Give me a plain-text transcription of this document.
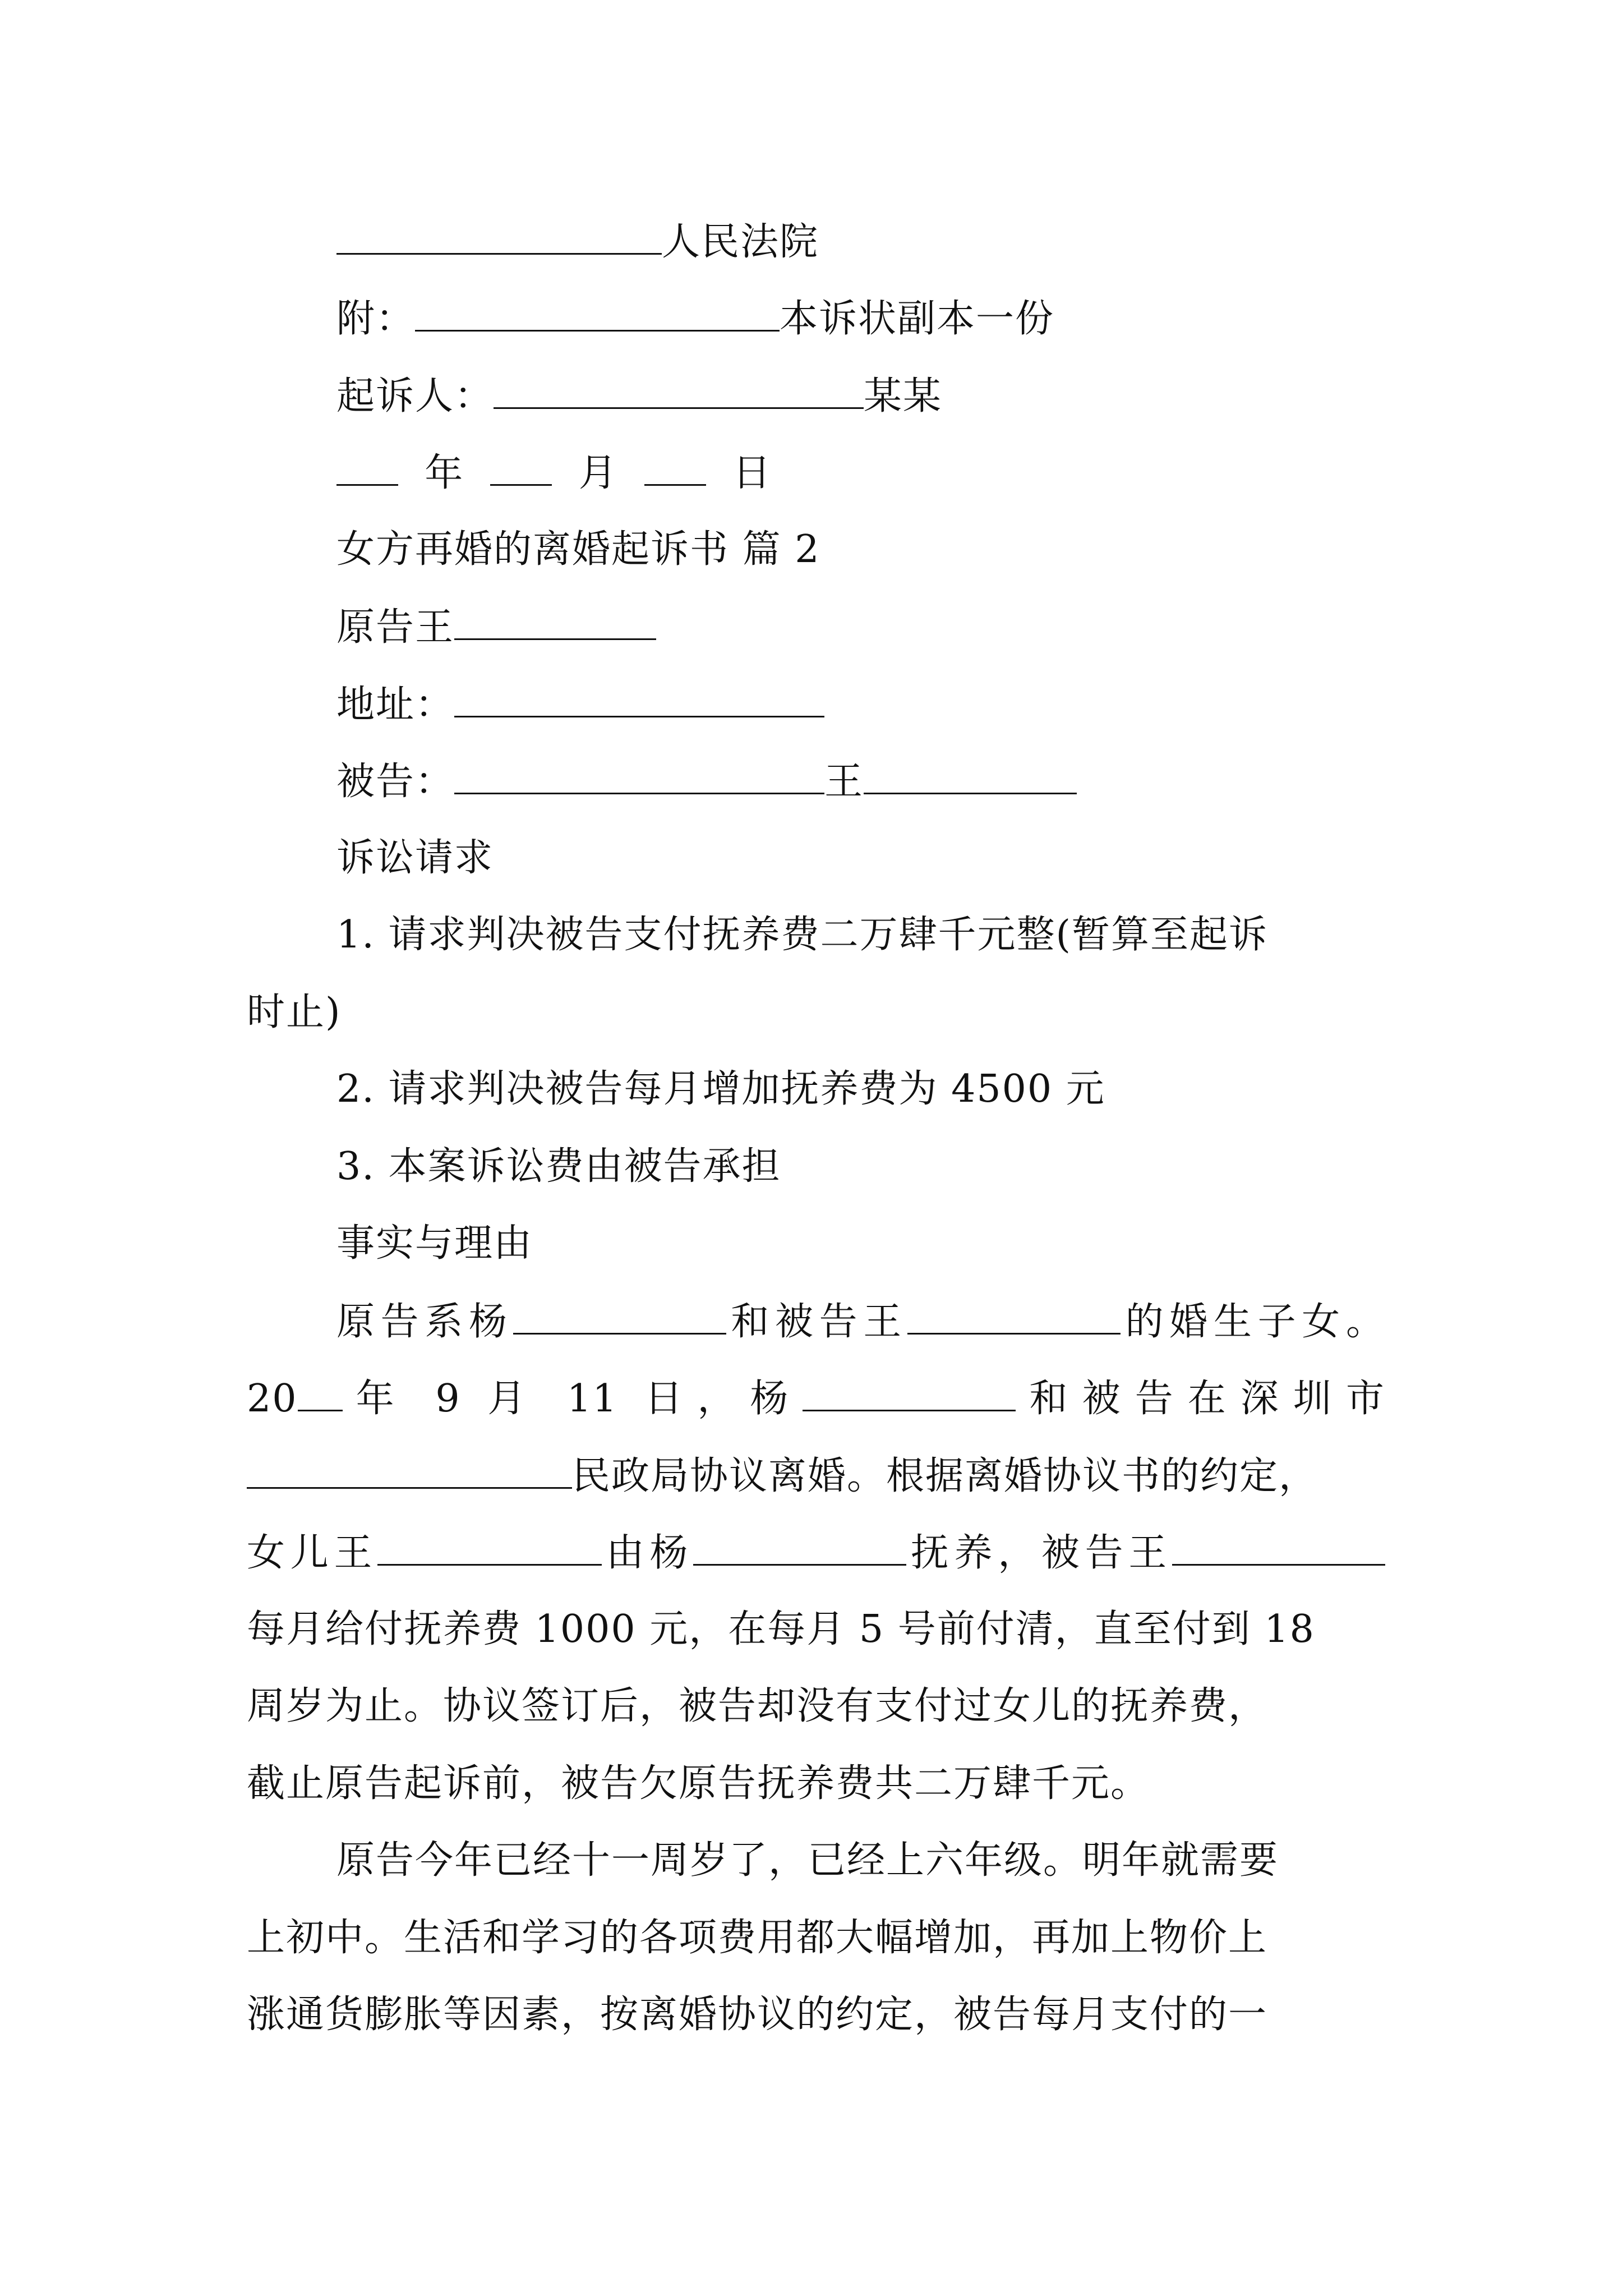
人民法院
附：	本诉状副本一份
起诉人：	某某
年	月	日
女方再婚的离婚起诉书 篇 2
原告王
地址：
被告：	王
诉讼请求
1. 请求判决被告支付抚养费二万肆千元整(暂算至起诉
时止)
2. 请求判决被告每月增加抚养费为 4500 元
3. 本案诉讼费由被告承担
事实与理由
原告系杨	和被告王	的婚生子女。
20 年 9 月 11 日，杨	和被告在深圳市
民政局协议离婚。根据离婚协议书的约定，
女儿王	由杨	抚养，被告王
每月给付抚养费 1000 元，在每月 5 号前付清，直至付到 18
周岁为止。协议签订后，被告却没有支付过女儿的抚养费，
截止原告起诉前，被告欠原告抚养费共二万肆千元。
原告今年已经十一周岁了，已经上六年级。明年就需要
上初中。生活和学习的各项费用都大幅增加，再加上物价上
涨通货膨胀等因素，按离婚协议的约定，被告每月支付的一
